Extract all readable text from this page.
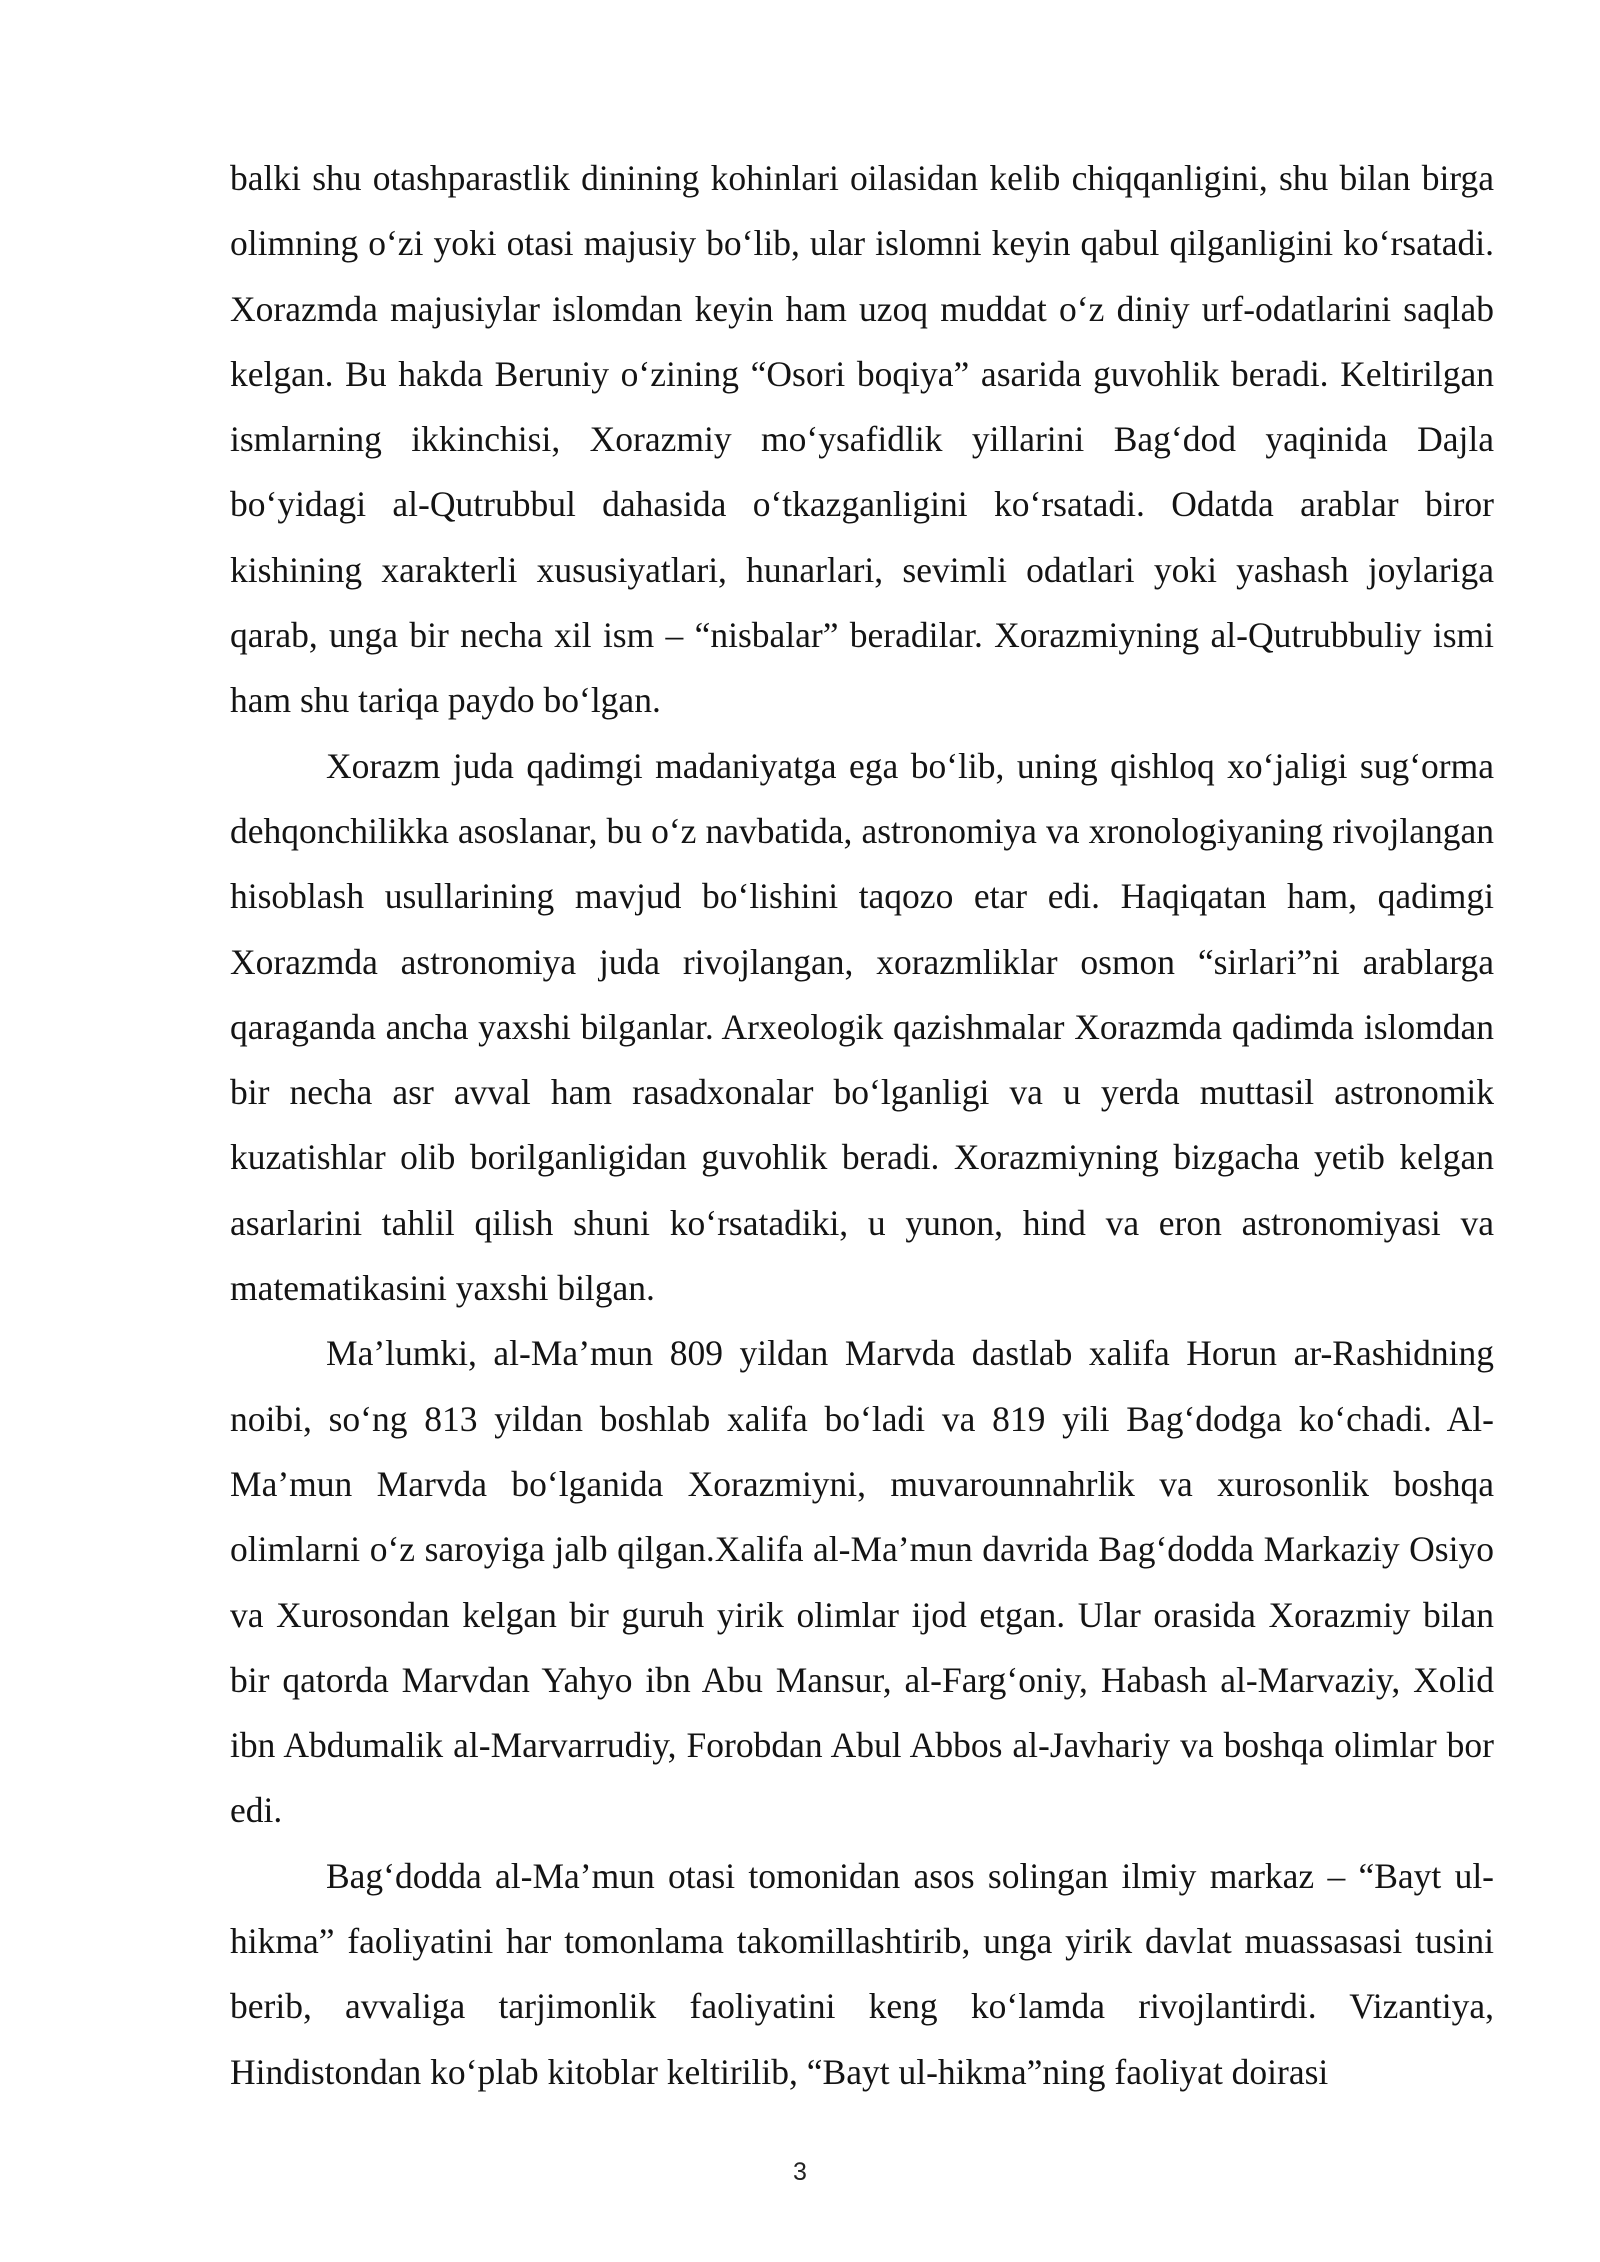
balki shu otashparastlik dinining kohinlari oilasidan kelib chiqqanligini, shu bilan birga olimning oʻzi yoki otasi majusiy boʻlib, ular islomni keyin qabul qilganligini koʻrsatadi. Xorazmda majusiylar islomdan keyin ham uzoq muddat oʻz diniy urf-odatlarini saqlab kelgan. Bu hakda Beruniy oʻzining “Osori boqiya” asarida guvohlik beradi. Keltirilgan ismlarning ikkinchisi, Xorazmiy moʻysafidlik yillarini Bagʻdod yaqinida Dajla boʻyidagi al-Qutrubbul dahasida oʻtkazganligini koʻrsatadi. Odatda arablar biror kishining xarakterli xususiyatlari, hunarlari, sevimli odatlari yoki yashash joylariga qarab, unga bir necha xil ism – “nisbalar” beradilar. Xorazmiyning al-Qutrubbuliy ismi ham shu tariqa paydo boʻlgan.

Xorazm juda qadimgi madaniyatga ega boʻlib, uning qishloq xoʻjaligi sugʻorma dehqonchilikka asoslanar, bu oʻz navbatida, astronomiya va xronologiyaning rivojlangan hisoblash usullarining mavjud boʻlishini taqozo etar edi. Haqiqatan ham, qadimgi Xorazmda astronomiya juda rivojlangan, xorazmliklar osmon “sirlari”ni arablarga qaraganda ancha yaxshi bilganlar. Arxeologik qazishmalar Xorazmda qadimda islomdan bir necha asr avval ham rasadxonalar boʻlganligi va u yerda muttasil astronomik kuzatishlar olib borilganligidan guvohlik beradi. Xorazmiyning bizgacha yetib kelgan asarlarini tahlil qilish shuni koʻrsatadiki, u yunon, hind va eron astronomiyasi va matematikasini yaxshi bilgan.

Ma’lumki, al-Ma’mun 809 yildan Marvda dastlab xalifa Horun ar-Rashidning noibi, soʻng 813 yildan boshlab xalifa boʻladi va 819 yili Bagʻdodga koʻchadi. Al-Ma’mun Marvda boʻlganida Xorazmiyni, muvarounnahrlik va xurosonlik boshqa olimlarni oʻz saroyiga jalb qilgan.Xalifa al-Ma’mun davrida Bagʻdodda Markaziy Osiyo va Xurosondan kelgan bir guruh yirik olimlar ijod etgan. Ular orasida Xorazmiy bilan bir qatorda Marvdan Yahyo ibn Abu Mansur, al-Fargʻoniy, Habash al-Marvaziy, Xolid ibn Abdumalik al-Marvarrudiy, Forobdan Abul Abbos al-Javhariy va boshqa olimlar bor edi.

Bagʻdodda al-Ma’mun otasi tomonidan asos solingan ilmiy markaz – “Bayt ul-hikma” faoliyatini har tomonlama takomillashtirib, unga yirik davlat muassasasi tusini berib, avvaliga tarjimonlik faoliyatini keng koʻlamda rivojlantirdi. Vizantiya, Hindistondan koʻplab kitoblar keltirilib, “Bayt ul-hikma”ning faoliyat doirasi

3
